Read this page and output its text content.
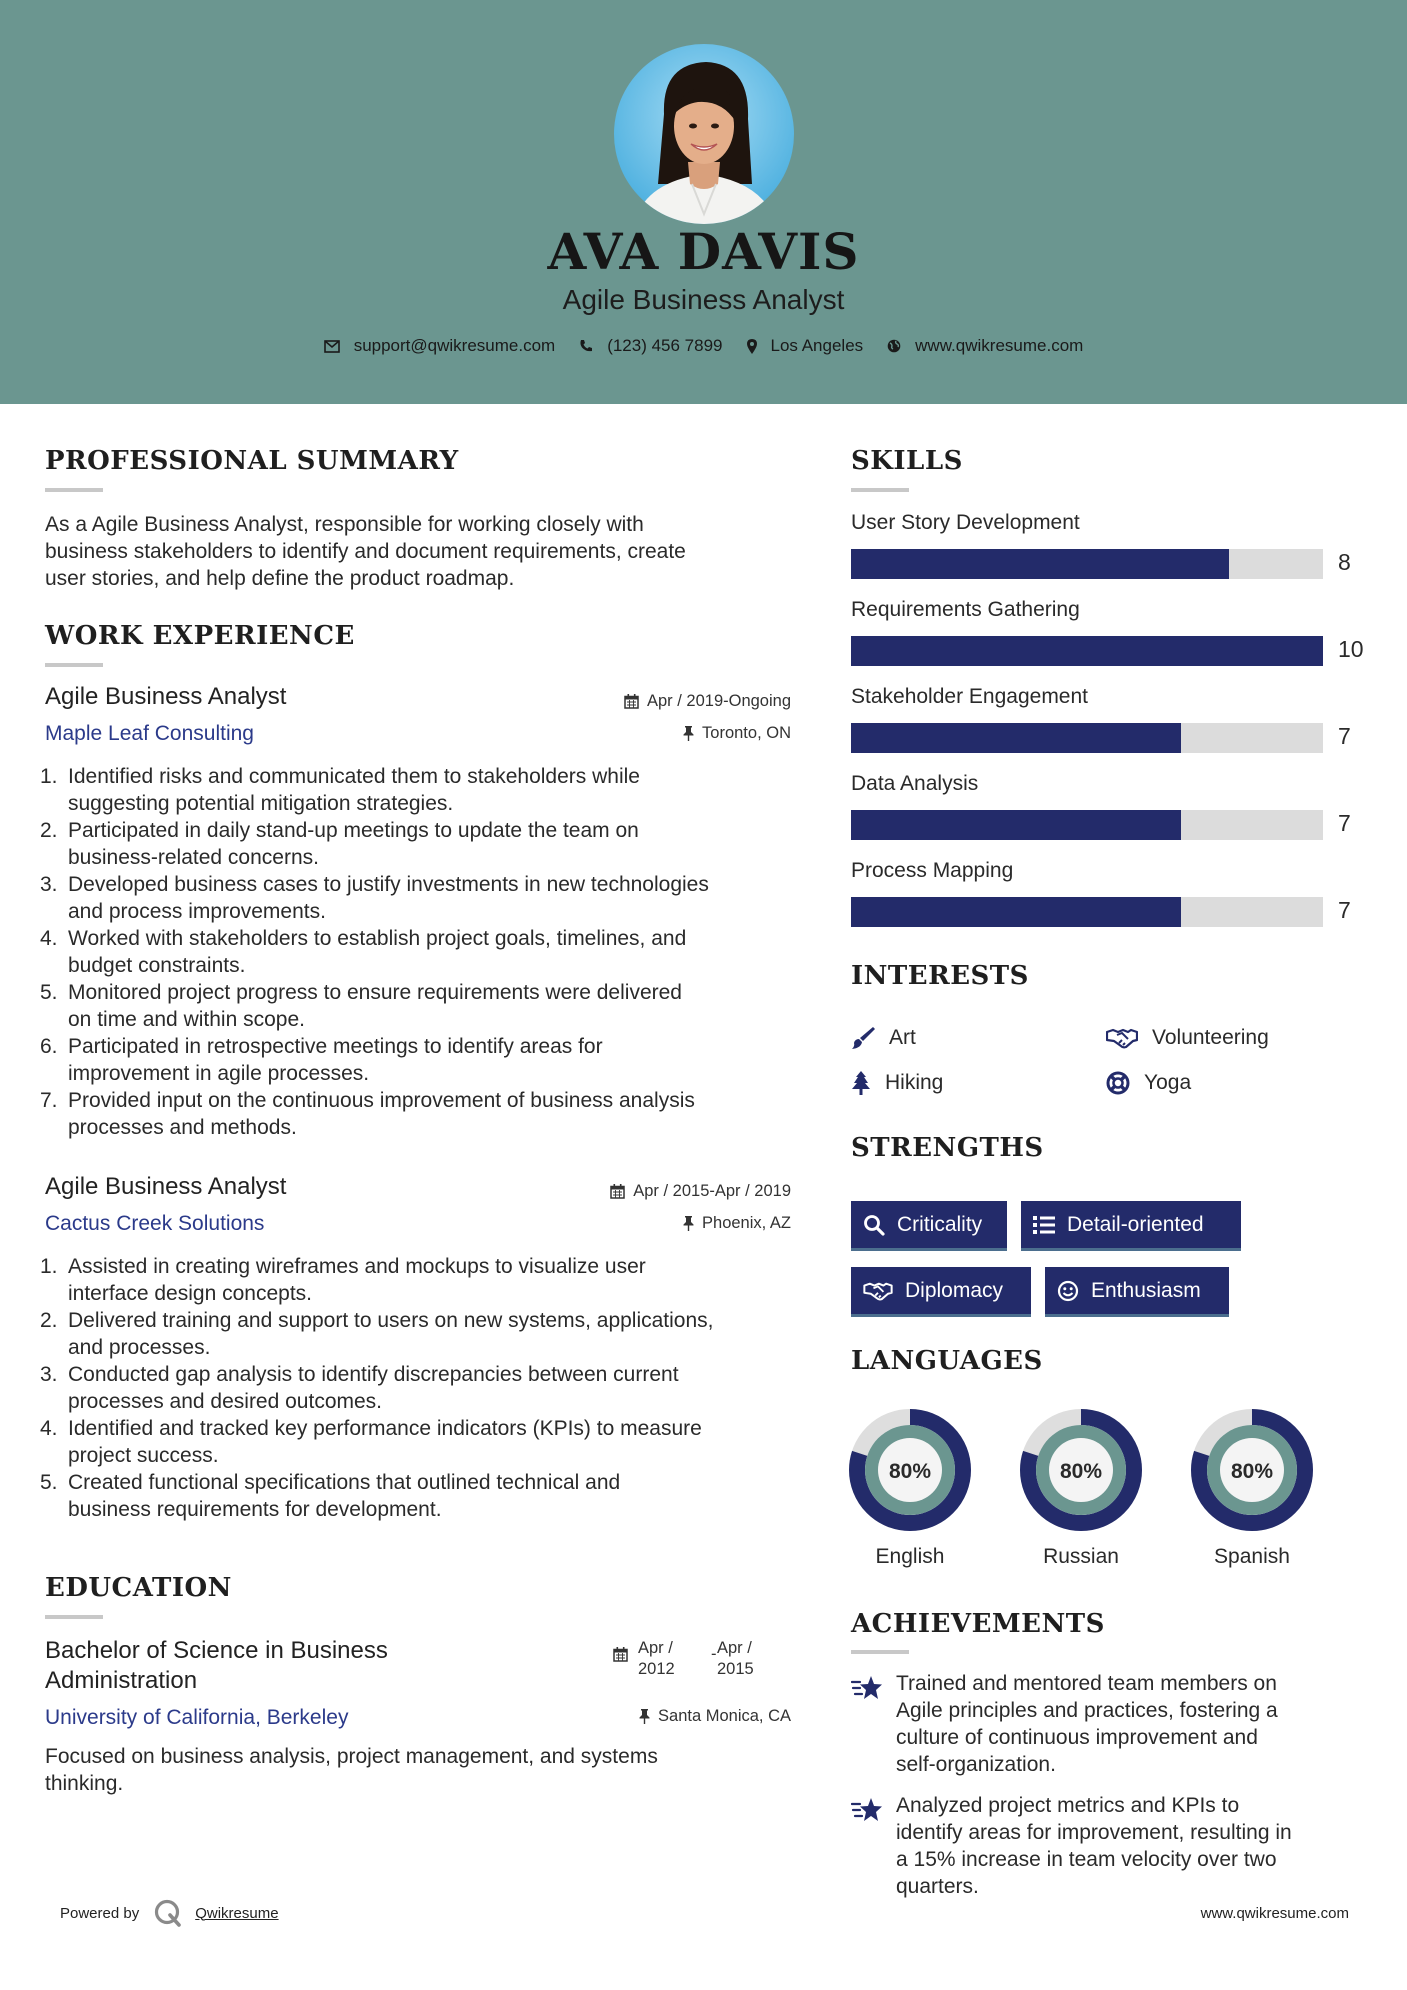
AVA DAVIS
Agile Business Analyst
support@qwikresume.com	(123) 456 7899	Los Angeles	www.qwikresume.com
PROFESSIONAL SUMMARY
As a Agile Business Analyst, responsible for working closely with
business stakeholders to identify and document requirements, create
user stories, and help define the product roadmap.
WORK EXPERIENCE
Agile Business Analyst
Maple Leaf Consulting
Apr / 2019-Ongoing
Toronto, ON
1. Identified risks and communicated them to stakeholders while
suggesting potential mitigation strategies.
2. Participated in daily stand-up meetings to update the team on
business-related concerns.
3. Developed business cases to justify investments in new technologies
and process improvements.
4. Worked with stakeholders to establish project goals, timelines, and
budget constraints.
5. Monitored project progress to ensure requirements were delivered
on time and within scope.
6. Participated in retrospective meetings to identify areas for
improvement in agile processes.
7. Provided input on the continuous improvement of business analysis
processes and methods.
Agile Business Analyst
Cactus Creek Solutions
Apr / 2015-Apr / 2019
Phoenix, AZ
1. Assisted in creating wireframes and mockups to visualize user
interface design concepts.
2. Delivered training and support to users on new systems, applications,
and processes.
3. Conducted gap analysis to identify discrepancies between current
processes and desired outcomes.
4. Identified and tracked key performance indicators (KPIs) to measure
project success.
5. Created functional specifications that outlined technical and
business requirements for development.
EDUCATION
Bachelor of Science in Business
Administration
University of California, Berkeley
Apr /
2012
- Apr /
2015
Santa Monica, CA
Focused on business analysis, project management, and systems
thinking.
SKILLS
User Story Development
8
Requirements Gathering
10
Stakeholder Engagement
7
Data Analysis
7
Process Mapping
7
INTERESTS
Art	Volunteering
Hiking	Yoga
STRENGTHS
Criticality	Detail-oriented
Diplomacy	Enthusiasm
LANGUAGES
80%
English
80%
Russian
80%
Spanish
ACHIEVEMENTS
Trained and mentored team members on
Agile principles and practices, fostering a
culture of continuous improvement and
self-organization.
Analyzed project metrics and KPIs to
identify areas for improvement, resulting in
a 15% increase in team velocity over two
quarters.
Powered by	Qwikresume	www.qwikresume.com
